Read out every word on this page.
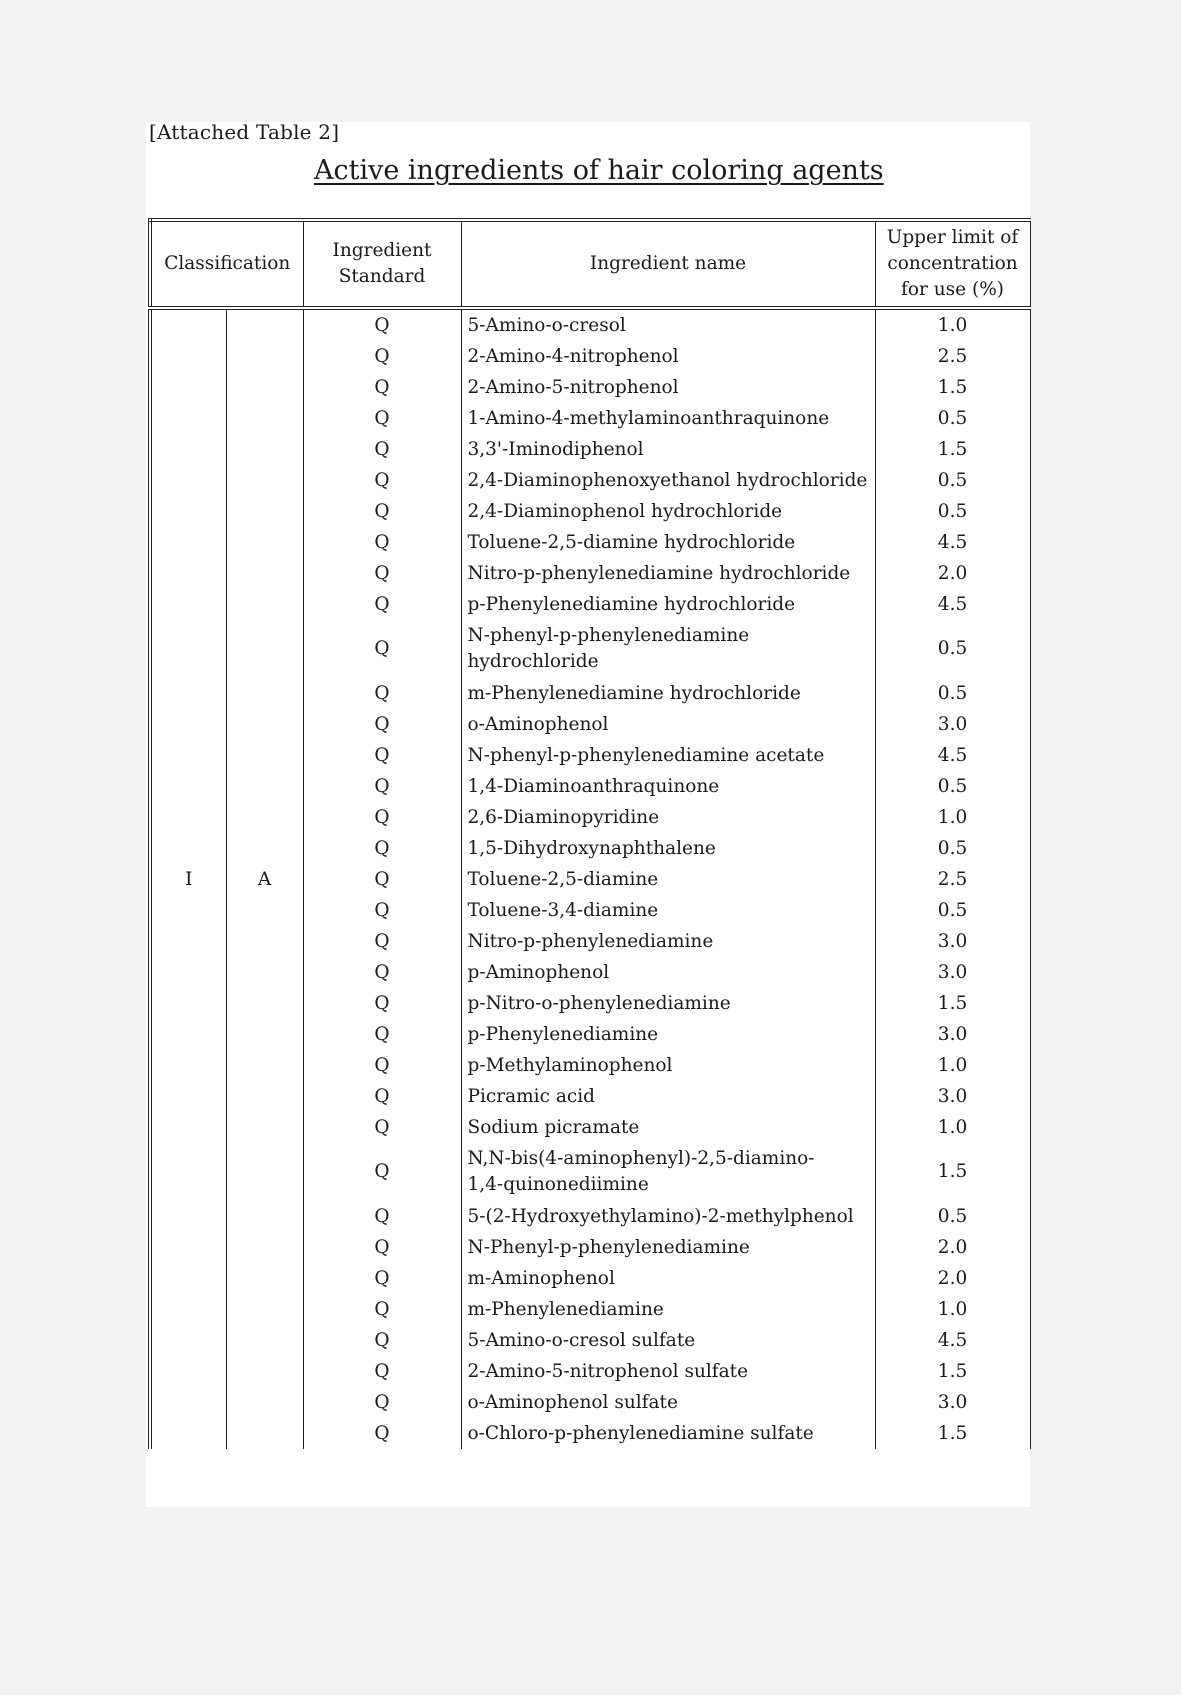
[Attached Table 2]
Active ingredients of hair coloring agents
Classification		Ingredient Standard	Ingredient name	Upper limit of concentration for use (%)

I	A	Q	5-Amino-o-cresol	1.0
		Q	2-Amino-4-nitrophenol	2.5
		Q	2-Amino-5-nitrophenol	1.5
		Q	1-Amino-4-methylaminoanthraquinone	0.5
		Q	3,3'-Iminodiphenol	1.5
		Q	2,4-Diaminophenoxyethanol hydrochloride	0.5
		Q	2,4-Diaminophenol hydrochloride	0.5
		Q	Toluene-2,5-diamine hydrochloride	4.5
		Q	Nitro-p-phenylenediamine hydrochloride	2.0
		Q	p-Phenylenediamine hydrochloride	4.5
		Q	N-phenyl-p-phenylenediamine hydrochloride	0.5
		Q	m-Phenylenediamine hydrochloride	0.5
		Q	o-Aminophenol	3.0
		Q	N-phenyl-p-phenylenediamine acetate	4.5
		Q	1,4-Diaminoanthraquinone	0.5
		Q	2,6-Diaminopyridine	1.0
		Q	1,5-Dihydroxynaphthalene	0.5
		Q	Toluene-2,5-diamine	2.5
		Q	Toluene-3,4-diamine	0.5
		Q	Nitro-p-phenylenediamine	3.0
		Q	p-Aminophenol	3.0
		Q	p-Nitro-o-phenylenediamine	1.5
		Q	p-Phenylenediamine	3.0
		Q	p-Methylaminophenol	1.0
		Q	Picramic acid	3.0
		Q	Sodium picramate	1.0
		Q	N,N-bis(4-aminophenyl)-2,5-diamino-1,4-quinonediimine	1.5
		Q	5-(2-Hydroxyethylamino)-2-methylphenol	0.5
		Q	N-Phenyl-p-phenylenediamine	2.0
		Q	m-Aminophenol	2.0
		Q	m-Phenylenediamine	1.0
		Q	5-Amino-o-cresol sulfate	4.5
		Q	2-Amino-5-nitrophenol sulfate	1.5
		Q	o-Aminophenol sulfate	3.0
		Q	o-Chloro-p-phenylenediamine sulfate	1.5
